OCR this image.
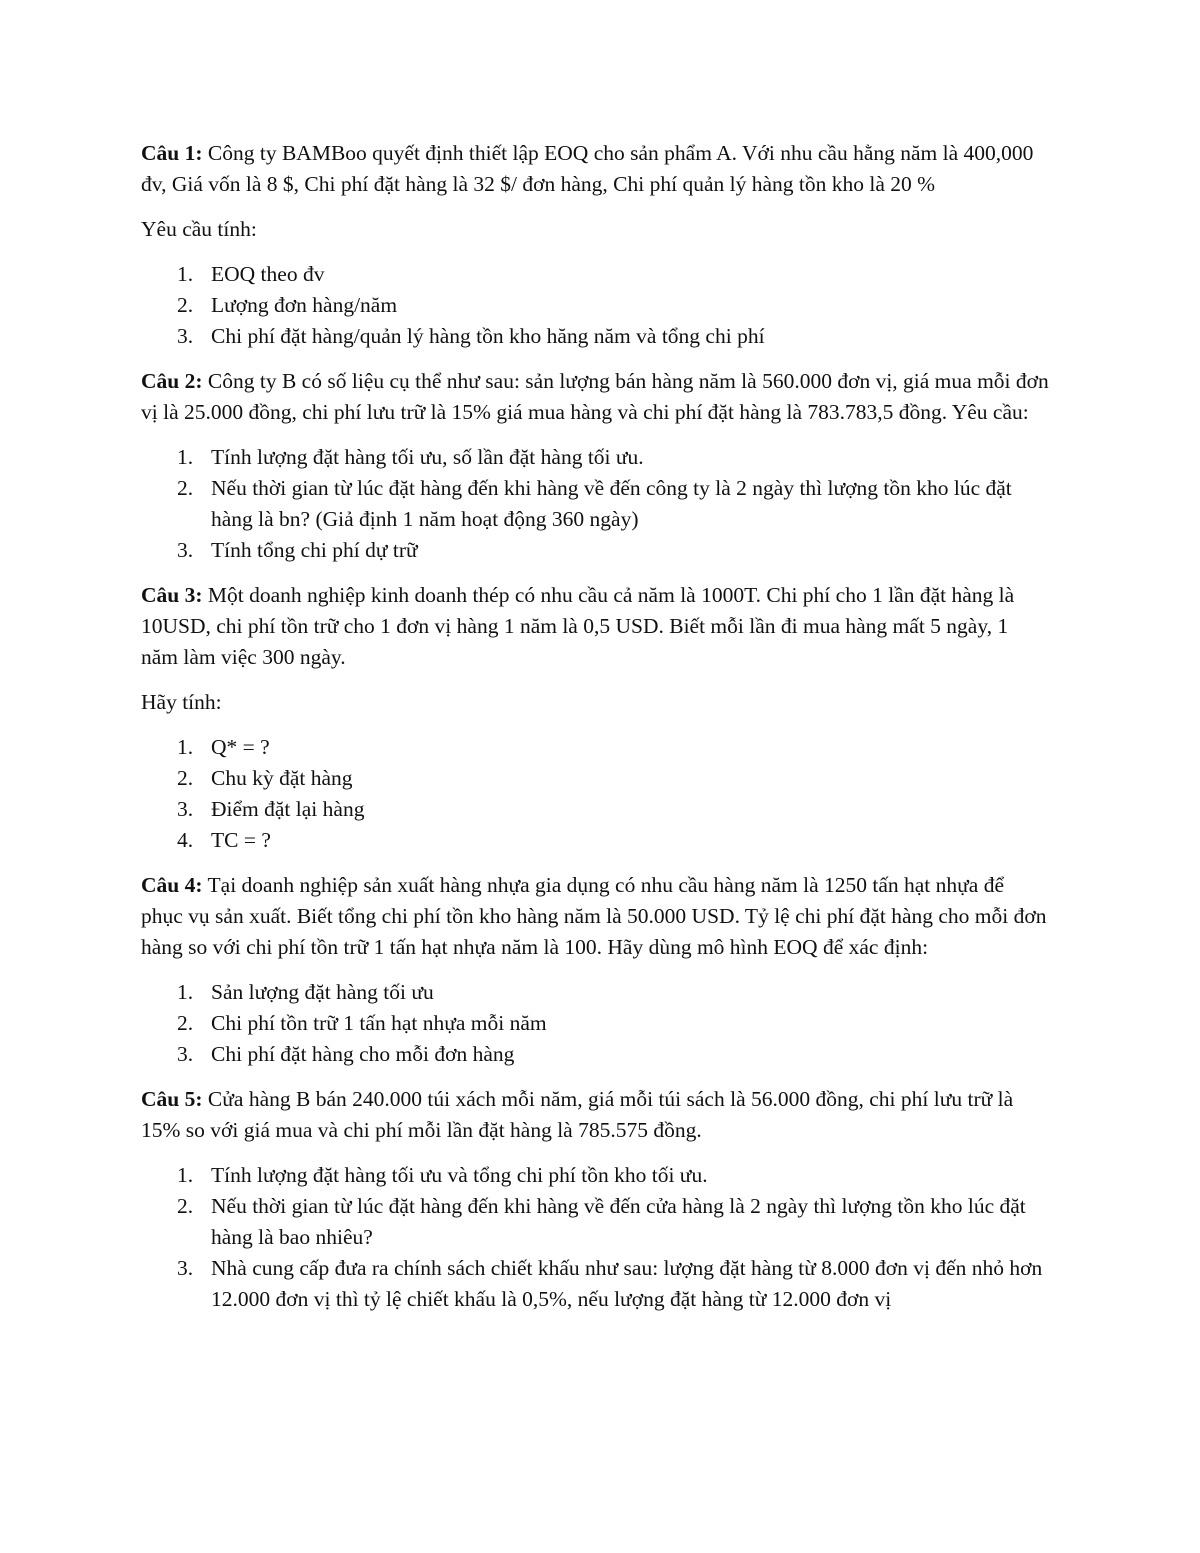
Câu 1: Công ty BAMBoo quyết định thiết lập EOQ cho sản phẩm A. Với nhu cầu hằng năm là 400,000 đv, Giá vốn là 8 $, Chi phí đặt hàng là 32 $/ đơn hàng, Chi phí quản lý hàng tồn kho là 20 %

Yêu cầu tính:

1. EOQ theo đv
2. Lượng đơn hàng/năm
3. Chi phí đặt hàng/quản lý hàng tồn kho hăng năm và tổng chi phí

Câu 2: Công ty B có số liệu cụ thể như sau: sản lượng bán hàng năm là 560.000 đơn vị, giá mua mỗi đơn vị là 25.000 đồng, chi phí lưu trữ là 15% giá mua hàng và chi phí đặt hàng là 783.783,5 đồng. Yêu cầu:

1. Tính lượng đặt hàng tối ưu, số lần đặt hàng tối ưu.
2. Nếu thời gian từ lúc đặt hàng đến khi hàng về đến công ty là 2 ngày thì lượng tồn kho lúc đặt hàng là bn? (Giả định 1 năm hoạt động 360 ngày)
3. Tính tổng chi phí dự trữ

Câu 3: Một doanh nghiệp kinh doanh thép có nhu cầu cả năm là 1000T. Chi phí cho 1 lần đặt hàng là 10USD, chi phí tồn trữ cho 1 đơn vị hàng 1 năm là 0,5 USD. Biết mỗi lần đi mua hàng mất 5 ngày, 1 năm làm việc 300 ngày.

Hãy tính:

1. Q* = ?
2. Chu kỳ đặt hàng
3. Điểm đặt lại hàng
4. TC = ?

Câu 4: Tại doanh nghiệp sản xuất hàng nhựa gia dụng có nhu cầu hàng năm là 1250 tấn hạt nhựa để phục vụ sản xuất. Biết tổng chi phí tồn kho hàng năm là 50.000 USD. Tỷ lệ chi phí đặt hàng cho mỗi đơn hàng so với chi phí tồn trữ 1 tấn hạt nhựa năm là 100. Hãy dùng mô hình EOQ để xác định:

1. Sản lượng đặt hàng tối ưu
2. Chi phí tồn trữ 1 tấn hạt nhựa mỗi năm
3. Chi phí đặt hàng cho mỗi đơn hàng

Câu 5: Cửa hàng B bán 240.000 túi xách mỗi năm, giá mỗi túi sách là 56.000 đồng, chi phí lưu trữ là 15% so với giá mua và chi phí mỗi lần đặt hàng là 785.575 đồng.

1. Tính lượng đặt hàng tối ưu và tổng chi phí tồn kho tối ưu.
2. Nếu thời gian từ lúc đặt hàng đến khi hàng về đến cửa hàng là 2 ngày thì lượng tồn kho lúc đặt hàng là bao nhiêu?
3. Nhà cung cấp đưa ra chính sách chiết khấu như sau: lượng đặt hàng từ 8.000 đơn vị đến nhỏ hơn 12.000 đơn vị thì tỷ lệ chiết khấu là 0,5%, nếu lượng đặt hàng từ 12.000 đơn vị
